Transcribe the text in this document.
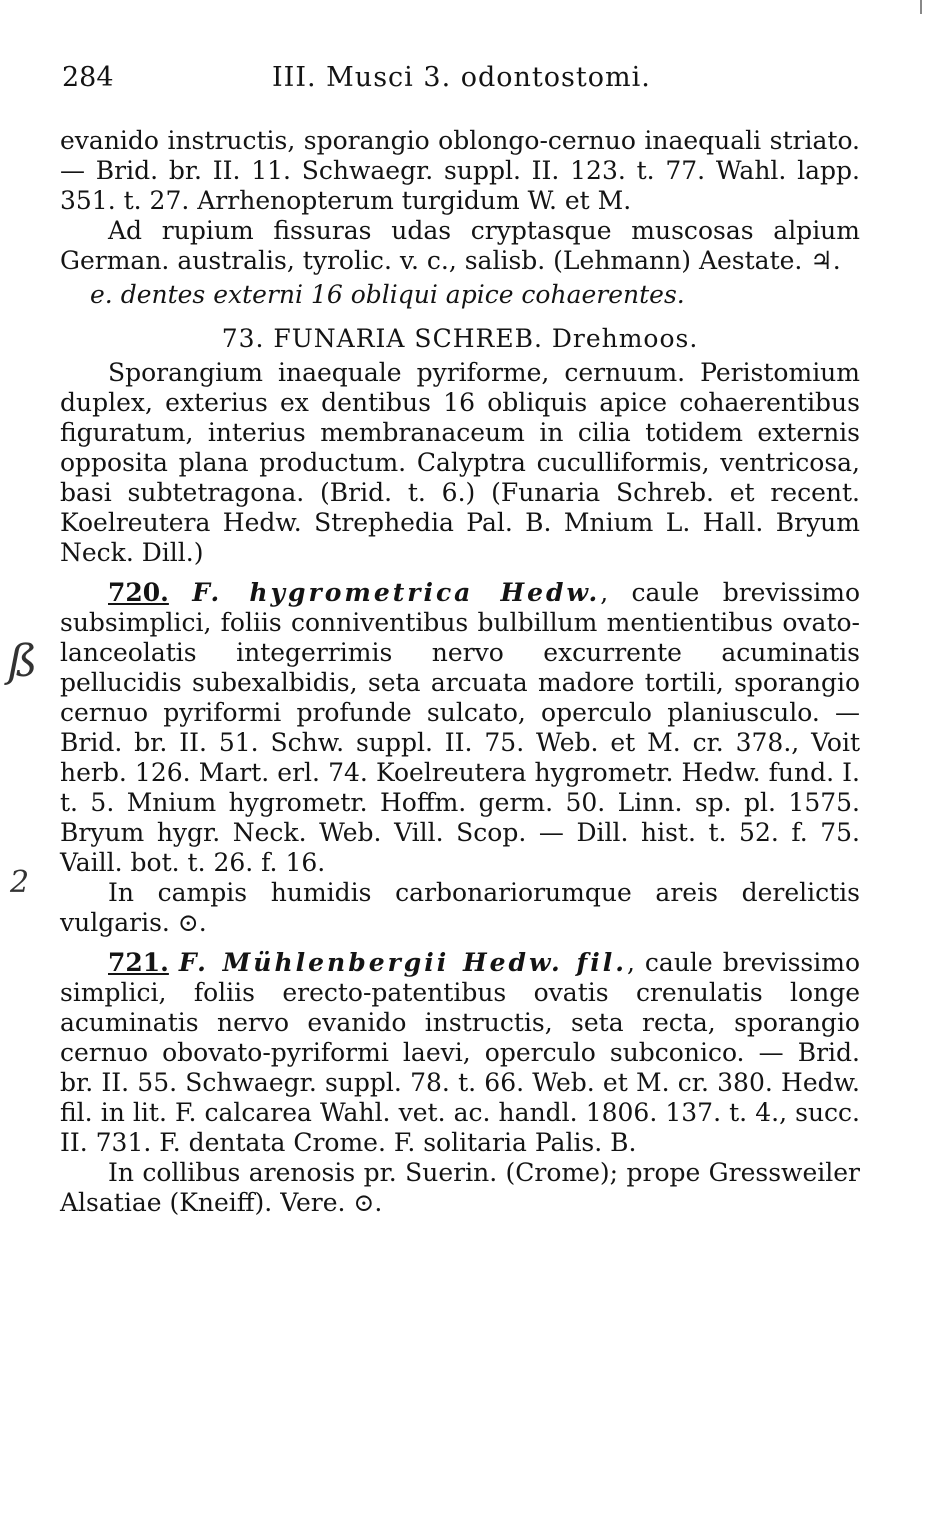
284	III. Musci 3. odontostomi.
ß
2

evanido instructis, sporangio oblongo-cernuo inaequali striato. — Brid. br. II. 11. Schwaegr. suppl. II. 123. t. 77. Wahl. lapp. 351. t. 27. Arrhenopterum turgidum W. et M.

Ad rupium fissuras udas cryptasque muscosas alpium German. australis, tyrolic. v. c., salisb. (Lehmann) Aestate. ♃.

e. dentes externi 16 obliqui apice cohaerentes.

73. FUNARIA SCHREB. Drehmoos.

Sporangium inaequale pyriforme, cernuum. Peristomium duplex, exterius ex dentibus 16 obliquis apice cohaerentibus figuratum, interius membranaceum in cilia totidem externis opposita plana productum. Calyptra cuculliformis, ventricosa, basi subtetragona. (Brid. t. 6.) (Funaria Schreb. et recent. Koelreutera Hedw. Strephedia Pal. B. Mnium L. Hall. Bryum Neck. Dill.)

720. F. hygrometrica Hedw., caule brevissimo subsimplici, foliis conniventibus bulbillum mentientibus ovato-lanceolatis integerrimis nervo excurrente acuminatis pellucidis subexalbidis, seta arcuata madore tortili, sporangio cernuo pyriformi profunde sulcato, operculo planiusculo. — Brid. br. II. 51. Schw. suppl. II. 75. Web. et M. cr. 378., Voit herb. 126. Mart. erl. 74. Koelreutera hygrometr. Hedw. fund. I. t. 5. Mnium hygrometr. Hoffm. germ. 50. Linn. sp. pl. 1575. Bryum hygr. Neck. Web. Vill. Scop. — Dill. hist. t. 52. f. 75. Vaill. bot. t. 26. f. 16.

In campis humidis carbonariorumque areis derelictis vulgaris. ⊙.

721. F. Mühlenbergii Hedw. fil., caule brevissimo simplici, foliis erecto-patentibus ovatis crenulatis longe acuminatis nervo evanido instructis, seta recta, sporangio cernuo obovato-pyriformi laevi, operculo subconico. — Brid. br. II. 55. Schwaegr. suppl. 78. t. 66. Web. et M. cr. 380. Hedw. fil. in lit. F. calcarea Wahl. vet. ac. handl. 1806. 137. t. 4., succ. II. 731. F. dentata Crome. F. solitaria Palis. B.

In collibus arenosis pr. Suerin. (Crome); prope Gressweiler Alsatiae (Kneiff). Vere. ⊙.
